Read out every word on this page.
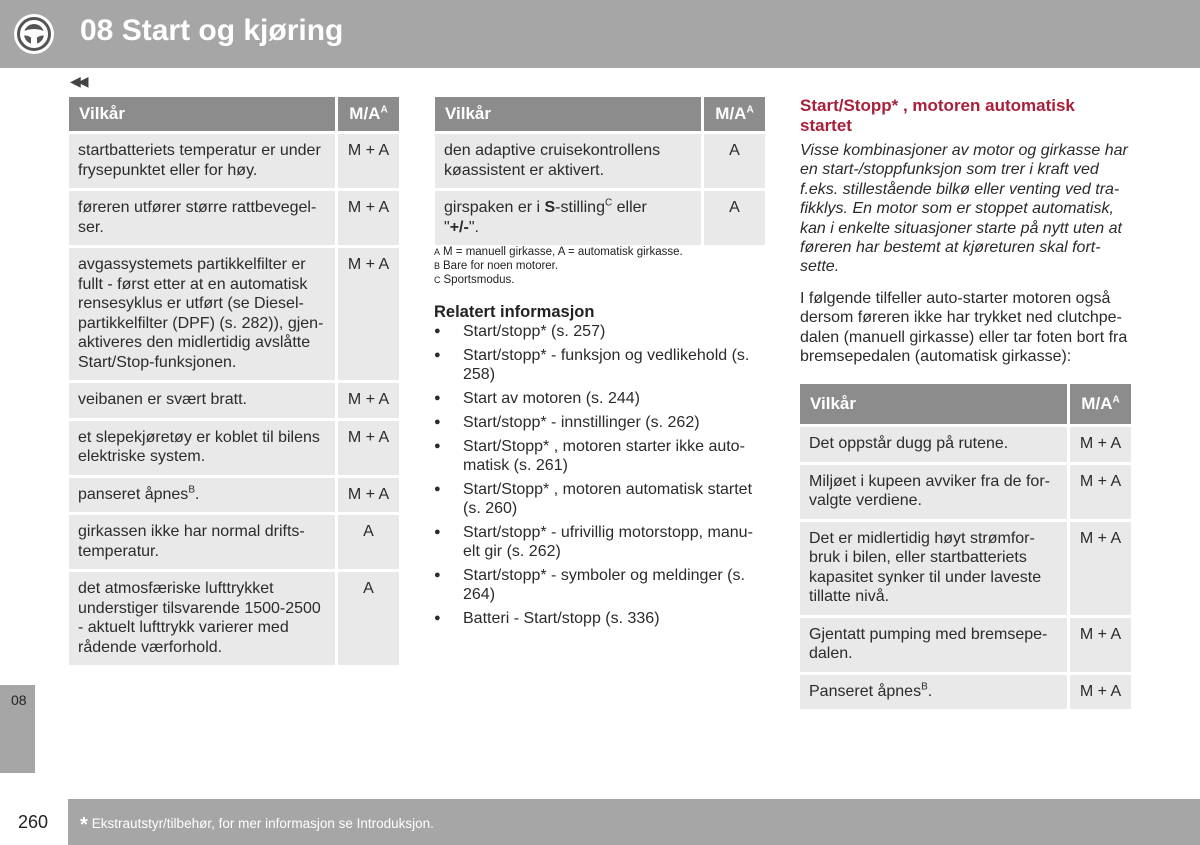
08 Start og kjøring
◀◀
Vilkår	$M/A^A$
startbatteriets temperatur er under frysepunktet eller for høy.	M + A
føreren utfører større rattbevegel-ser.	M + A
avgassystemets partikkelfilter er fullt - først etter at en automatisk rensesyklus er utført (se Diesel-partikkelfilter (DPF) (s. 282)), gjen-aktiveres den midlertidig avslåtte Start/Stop-funksjonen.	M + A
veibanen er svært bratt.	M + A
et slepekjøretøy er koblet til bilens elektriske system.	M + A
panseret åpnes$^B$.	M + A
girkassen ikke har normal drifts-temperatur.	A
det atmosfæriske lufttrykket understiger tilsvarende 1500-2500 - aktuelt lufttrykk varierer med rådende værforhold.	A
Vilkår	$M/A^A$
den adaptive cruisekontrollens køassistent er aktivert.	A
girspaken er i S-stilling$^C$ eller
"+/-".	A
A M = manuell girkasse, A = automatisk girkasse.
B Bare for noen motorer.
C Sportsmodus.
Relatert informasjon
● Start/stopp* (s. 257)
● Start/stopp* - funksjon og vedlikehold (s. 258)
● Start av motoren (s. 244)
● Start/stopp* - innstillinger (s. 262)
● Start/Stopp* , motoren starter ikke auto-matisk (s. 261)
● Start/Stopp* , motoren automatisk startet (s. 260)
● Start/stopp* - ufrivillig motorstopp, manu-elt gir (s. 262)
● Start/stopp* - symboler og meldinger (s. 264)
● Batteri - Start/stopp (s. 336)
Start/Stopp* , motoren automatisk startet
Visse kombinasjoner av motor og girkasse har en start-/stoppfunksjon som trer i kraft ved f.eks. stillestående bilkø eller venting ved tra-fikklys. En motor som er stoppet automatisk, kan i enkelte situasjoner starte på nytt uten at føreren har bestemt at kjøreturen skal fort-sette.
I følgende tilfeller auto-starter motoren også dersom føreren ikke har trykket ned clutchpe-dalen (manuell girkasse) eller tar foten bort fra bremsepedalen (automatisk girkasse):
Vilkår	$M/A^A$
Det oppstår dugg på rutene.	M + A
Miljøet i kupeen avviker fra de for-valgte verdiene.	M + A
Det er midlertidig høyt strømfor-bruk i bilen, eller startbatteriets kapasitet synker til under laveste tillatte nivå.	M + A
Gjentatt pumping med bremsepe-dalen.	M + A
Panseret åpnes$^B$.	M + A
08
260 * Ekstrautstyr/tilbehør, for mer informasjon se Introduksjon.
